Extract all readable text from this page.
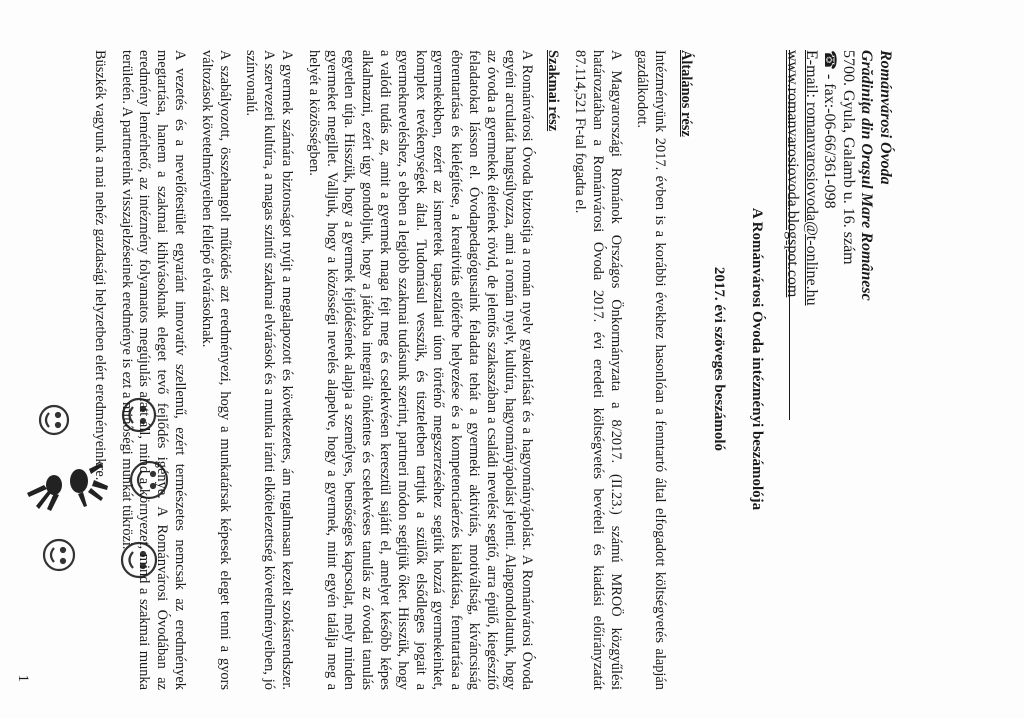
Románvárosi Óvoda
Grădiniţa din Oraşul Mare Românesc
5700. Gyula, Galamb u. 16. szám
☎ - fax:-06-66/361-098
E-mail: romanvarosiovoda@t-online.hu
www.romanvarosiovoda.blogspot.com
A Románvárosi Óvoda intézményi beszámolója
2017. évi szöveges beszámoló
Általános rész

Intézményünk 2017. évben is a korábbi évekhez hasonlóan a fenntartó által elfogadott költségvetés alapján gazdálkodott.

A Magyarországi Románok Országos Önkormányzata a 8/2017. (II.23.) számú MROÖ közgyűlési határozatában a Románvárosi Óvoda 2017. évi eredeti költségvetés bevételi és kiadási előirányzatát 87.114,521 Ft-tal fogadta el.

Szakmai rész

A Románvárosi Óvoda biztosítja a román nyelv gyakorlását és a hagyományápolást. A Románvárosi Óvoda egyéni arculatát hangsúlyozza, ami a román nyelv, kultúra, hagyományápolást jelenti. Alapgondolatunk, hogy az óvoda a gyermekek életének rövid, de jelentős szakaszában a családi nevelést segítő, arra épülő, kiegészítő feladatokat lásson el. Óvodapedagógusaink feladata tehát a gyermeki aktivitás, motiváltság, kíváncsiság ébrentartása és kielégítése, a kreativitás előtérbe helyezése és a kompetenciaérzés kialakítása, fenntartása a gyermekekben, ezért az ismeretek tapasztalati úton történő megszerzéséhez segítik hozzá gyermekeinket, komplex tevékenységek által. Tudomásul vesszük, és tiszteletben tartjuk a szülők elsődleges jogait a gyermekneveléshez, s ebben a legjobb szakmai tudásunk szerint, partneri módon segítjük őket. Hisszük, hogy a valódi tudás az, amit a gyermek maga fejt meg és cselekvésen keresztül sajátít el, amelyet később képes alkalmazni, ezért úgy gondoljuk, hogy a játékba integrált önkéntes és cselekvéses tanulás az óvodai tanulás egyetlen útja. Hisszük, hogy a gyermek fejlődésének alapja a személyes, bensőséges kapcsolat, mely minden gyermeket megillet. Valljuk, hogy a közösségi nevelés alapelve, hogy a gyermek, mint egyén találja meg a helyét a közösségben.

A gyermek számára biztonságot nyújt a megalapozott és következetes, ám rugalmasan kezelt szokásrendszer. A szervezeti kultúra, a magas szintű szakmai elvárások és a munka iránti elkötelezettség követelményeiben, jó színvonalú.

A szabályozott, összehangolt működés azt eredményezi, hogy a munkatársak képesek eleget tenni a gyors változások követelményeiben fellépő elvárásoknak.

A vezetés és a nevelőtestület egyaránt innovatív szellemű, ezért természetes nemcsak az eredmények megtartása, hanem a szakmai kihívásoknak eleget tevő fejlődés igénye. A Románvárosi Óvodában az eredmény lemérhető, az intézmény folyamatos megújulás alatt áll, mind a környezet, mind a szakmai munka területén. A partnereink visszajelzéseinek eredménye is ezt a minőségi munkát tükrözi.

Büszkék vagyunk a mai nehéz gazdasági helyzetben elért eredményeinkre.

1
